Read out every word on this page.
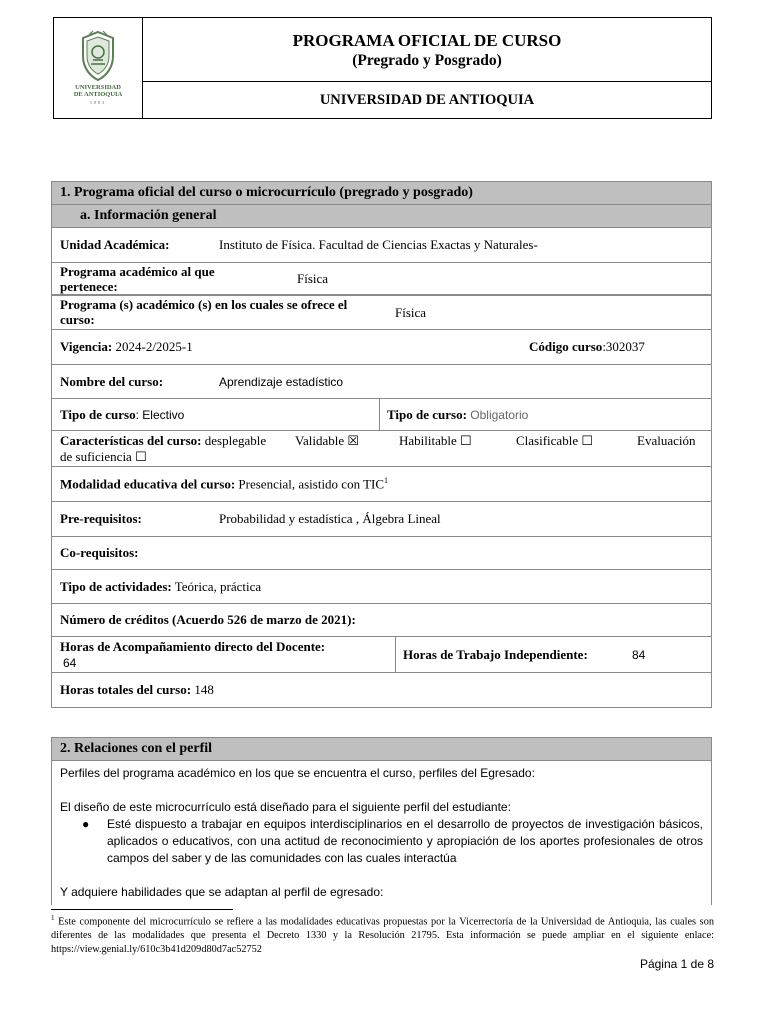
UNIVERSIDAD
DE ANTIOQUIA
1803
PROGRAMA OFICIAL DE CURSO
(Pregrado y Posgrado)
UNIVERSIDAD DE ANTIOQUIA
1. Programa oficial del curso o microcurrículo (pregrado y posgrado)
a. Información general
Unidad Académica:	Instituto de Física. Facultad de Ciencias Exactas y Naturales-
Programa académico al que
pertenece:
Física
Programa (s) académico (s) en los cuales se ofrece el
curso:	Física
Vigencia: 2024-2/2025-1	Código curso:302037
Nombre del curso:	Aprendizaje estadístico
Tipo de curso: Electivo	Tipo de curso: Obligatorio
Características del curso: desplegable Validable ☒	Habilitable ☐	Clasificable ☐	Evaluación
de suficiencia ☐
Modalidad educativa del curso: Presencial, asistido con TIC$^1$
Pre-requisitos:	Probabilidad y estadística , Álgebra Lineal
Co-requisitos:
Tipo de actividades: Teórica, práctica
Número de créditos (Acuerdo 526 de marzo de 2021):
Horas de Acompañamiento directo del Docente:
64
Horas de Trabajo Independiente:	84
Horas totales del curso: 148
2. Relaciones con el perfil

Perfiles del programa académico en los que se encuentra el curso, perfiles del Egresado:

El diseño de este microcurrículo está diseñado para el siguiente perfil del estudiante:

●	Esté dispuesto a trabajar en equipos interdisciplinarios en el desarrollo de proyectos de investigación básicos, aplicados o educativos, con una actitud de reconocimiento y apropiación de los aportes profesionales de otros campos del saber y de las comunidades con las cuales interactúa

Y adquiere habilidades que se adaptan al perfil de egresado:

$^1$ Este componente del microcurrículo se refiere a las modalidades educativas propuestas por la Vicerrectoría de la Universidad de Antioquia, las cuales son diferentes de las modalidades que presenta el Decreto 1330 y la Resolución 21795. Esta información se puede ampliar en el siguiente enlace: https://view.genial.ly/610c3b41d209d80d7ac52752
Página 1 de 8
